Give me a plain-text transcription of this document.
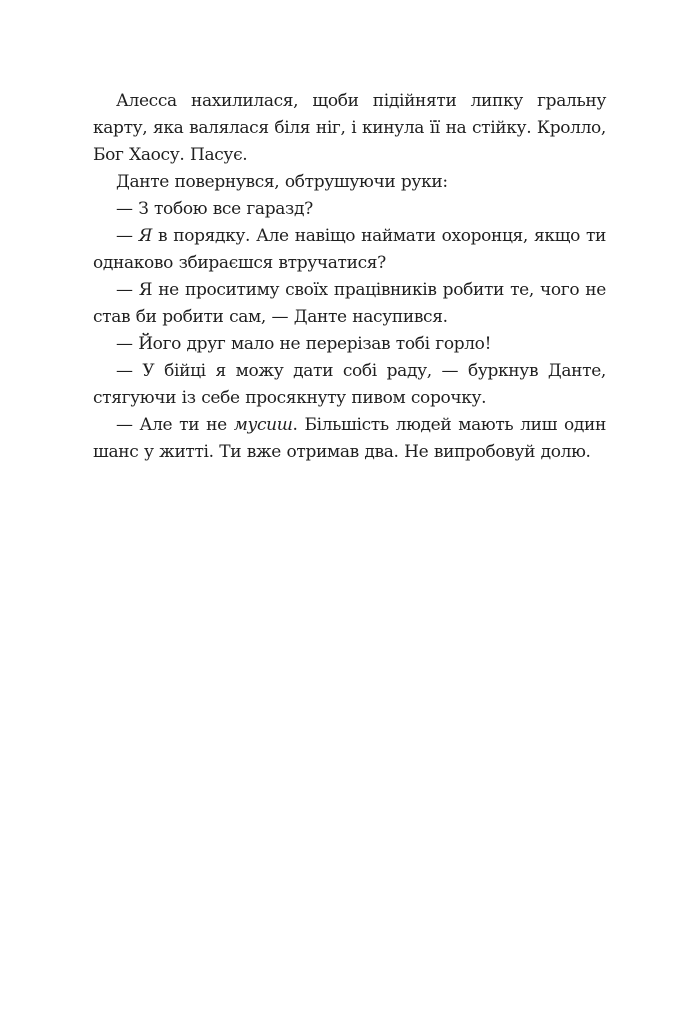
Алесса нахилилася, щоби підійняти липку гральну карту, яка валялася біля ніг, і кинула її на стійку. Кролло, Бог Хаосу. Пасує.

Данте повернувся, обтрушуючи руки:

— З тобою все гаразд?

— Я в порядку. Але навіщо наймати охоронця, якщо ти однаково збираєшся втручатися?

— Я не проситиму своїх працівників робити те, чого не став би робити сам, — Данте насупився.

— Його друг мало не перерізав тобі горло!

— У бійці я можу дати собі раду, — буркнув Данте, стягуючи із себе просякнуту пивом сорочку.

— Але ти не мусиш. Більшість людей мають лиш один шанс у житті. Ти вже отримав два. Не випробовуй долю.
